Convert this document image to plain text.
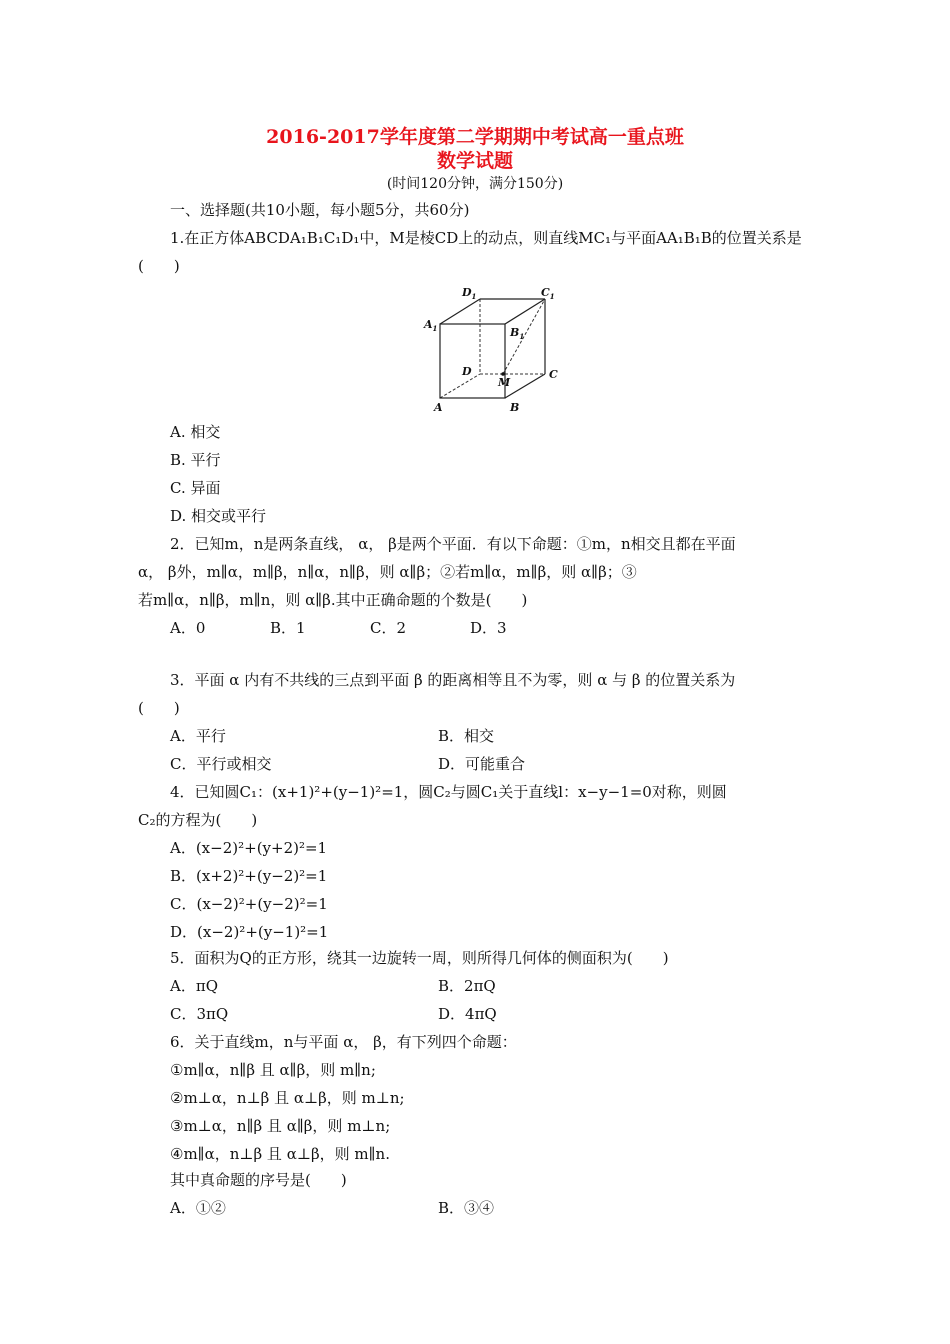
2016-2017学年度第二学期期中考试高一重点班
数学试题
(时间120分钟，满分150分)
一、选择题(共10小题，每小题5分，共60分)
1.在正方体ABCDA₁B₁C₁D₁中，M是棱CD上的动点，则直线MC₁与平面AA₁B₁B的位置关系是
(　　)
$D_1$	$C_1$
$A_1$	$B_1$
D
M
C
A	B
A. 相交
B. 平行
C. 异面
D. 相交或平行
2．已知m，n是两条直线， α， β是两个平面．有以下命题：①m，n相交且都在平面
α， β外，m∥α，m∥β，n∥α，n∥β，则 α∥β；②若m∥α，m∥β，则 α∥β；③
若m∥α，n∥β，m∥n，则 α∥β.其中正确命题的个数是(　　)
A．0	B．1	C．2	D．3
3．平面 α 内有不共线的三点到平面 β 的距离相等且不为零，则 α 与 β 的位置关系为
(　　)
A．平行	B．相交
C．平行或相交	D．可能重合
4．已知圆C₁：(x+1)²+(y−1)²=1，圆C₂与圆C₁关于直线l：x−y−1=0对称，则圆
C₂的方程为(　　)
A．(x−2)²+(y+2)²=1
B．(x+2)²+(y−2)²=1
C．(x−2)²+(y−2)²=1
D．(x−2)²+(y−1)²=1
5．面积为Q的正方形，绕其一边旋转一周，则所得几何体的侧面积为(　　)
A．πQ	B．2πQ
C．3πQ	D．4πQ
6．关于直线m，n与平面 α， β，有下列四个命题：
①m∥α，n∥β 且 α∥β，则 m∥n;
②m⊥α，n⊥β 且 α⊥β，则 m⊥n;
③m⊥α，n∥β 且 α∥β，则 m⊥n;
④m∥α，n⊥β 且 α⊥β，则 m∥n.
其中真命题的序号是(　　)
A．①②	B．③④
